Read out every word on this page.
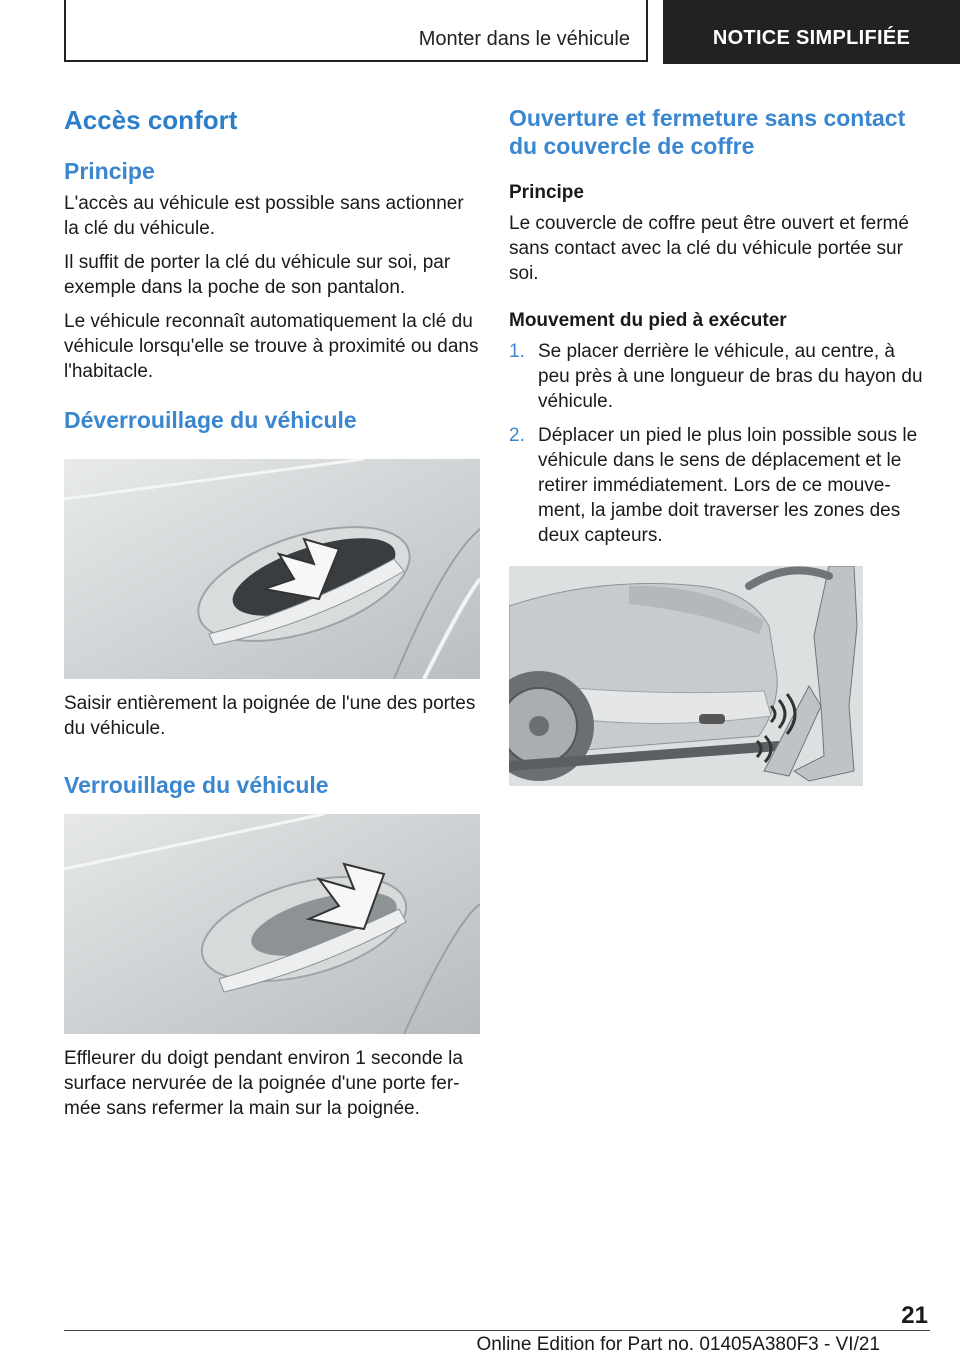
Monter dans le véhicule	NOTICE SIMPLIFIÉE
Accès confort
Principe

L'accès au véhicule est possible sans actionner la clé du véhicule.

Il suffit de porter la clé du véhicule sur soi, par exemple dans la poche de son pantalon.

Le véhicule reconnaît automatiquement la clé du véhicule lorsqu'elle se trouve à proximité ou dans l'habitacle.

Déverrouillage du véhicule

Saisir entièrement la poignée de l'une des portes du véhicule.

Verrouillage du véhicule

Effleurer du doigt pendant environ 1 seconde la surface nervurée de la poignée d'une porte fer‐mée sans refermer la main sur la poignée.

Ouverture et fermeture sans contact du couvercle de coffre
Principe

Le couvercle de coffre peut être ouvert et fermé sans contact avec la clé du véhicule portée sur soi.

Mouvement du pied à exécuter
1. Se placer derrière le véhicule, au centre, à peu près à une longueur de bras du hayon du véhicule.
2. Déplacer un pied le plus loin possible sous le véhicule dans le sens de déplacement et le retirer immédiatement. Lors de ce mouve‐ment, la jambe doit traverser les zones des deux capteurs.
21
Online Edition for Part no. 01405A380F3 - VI/21
